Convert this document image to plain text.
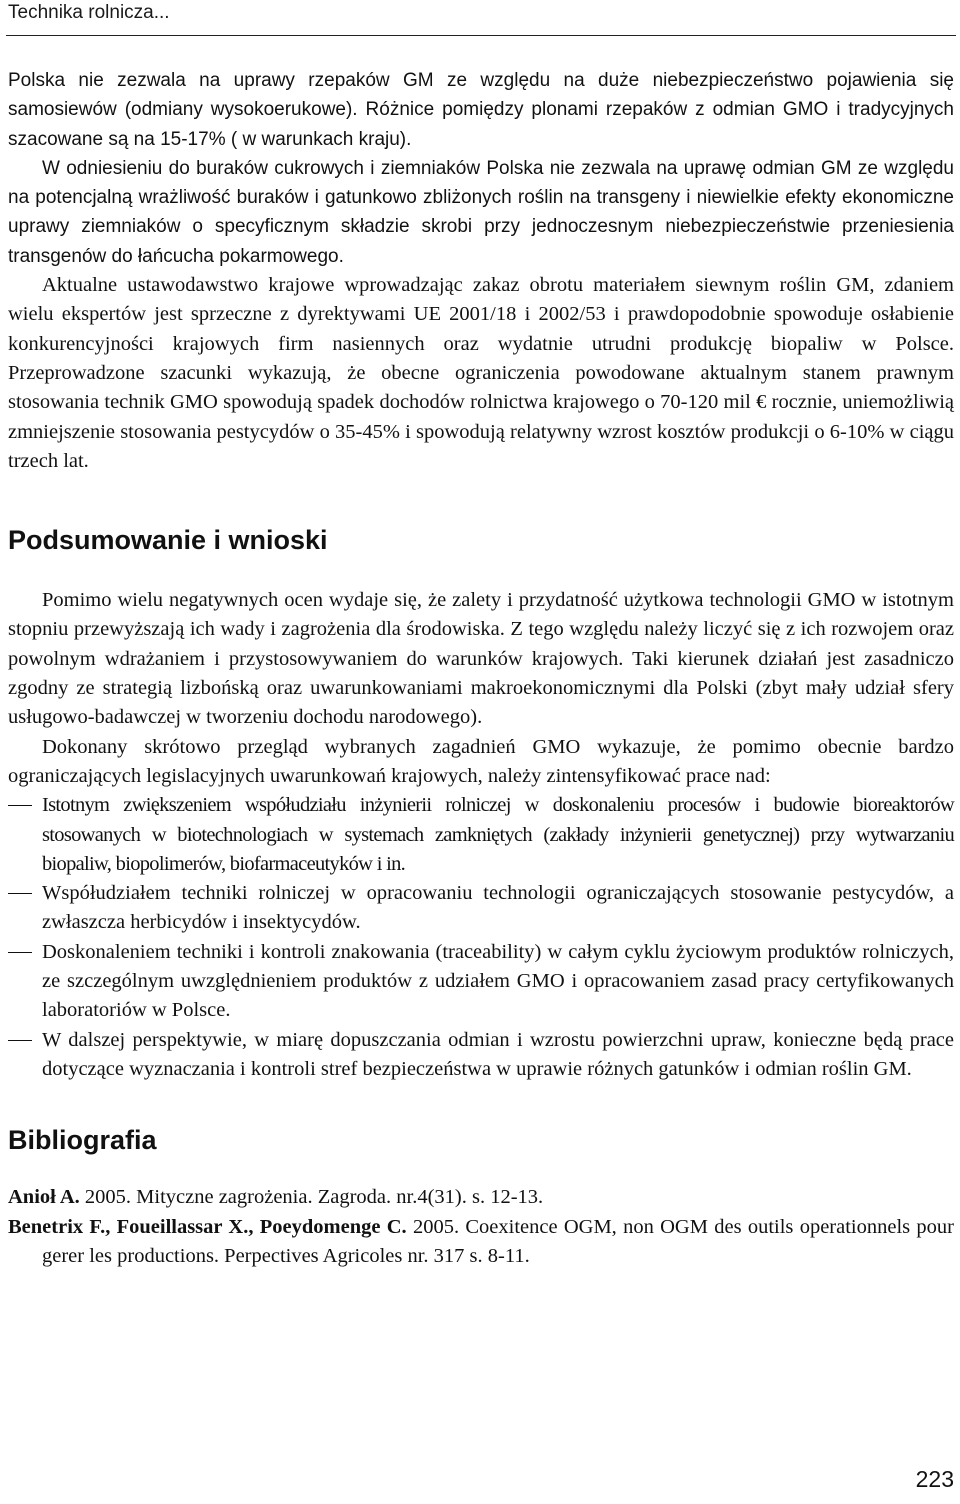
Technika rolnicza...

Polska nie zezwala na uprawy rzepaków GM ze względu na duże niebezpieczeństwo pojawienia się samosiewów (odmiany wysokoerukowe). Różnice pomiędzy plonami rzepaków z odmian GMO i tradycyjnych szacowane są na 15-17% ( w warunkach kraju).

W odniesieniu do buraków cukrowych i ziemniaków Polska nie zezwala na uprawę odmian GM ze względu na potencjalną wrażliwość buraków i gatunkowo zbliżonych roślin na transgeny i niewielkie efekty ekonomiczne uprawy ziemniaków o specyficznym składzie skrobi przy jednoczesnym niebezpieczeństwie przeniesienia transgenów do łańcucha pokarmowego.

Aktualne ustawodawstwo krajowe wprowadzając zakaz obrotu materiałem siewnym roślin GM, zdaniem wielu ekspertów jest sprzeczne z dyrektywami UE 2001/18 i 2002/53 i prawdopodobnie spowoduje osłabienie konkurencyjności krajowych firm nasiennych oraz wydatnie utrudni produkcję biopaliw w Polsce. Przeprowadzone szacunki wykazują, że obecne ograniczenia powodowane aktualnym stanem prawnym stosowania technik GMO spowodują spadek dochodów rolnictwa krajowego o 70-120 mil € rocznie, uniemożliwią zmniejszenie stosowania pestycydów o 35-45% i spowodują relatywny wzrost kosztów produkcji o 6-10% w ciągu trzech lat.

Podsumowanie i wnioski

Pomimo wielu negatywnych ocen wydaje się, że zalety i przydatność użytkowa technologii GMO w istotnym stopniu przewyższają ich wady i zagrożenia dla środowiska. Z tego względu należy liczyć się z ich rozwojem oraz powolnym wdrażaniem i przystosowywaniem do warunków krajowych. Taki kierunek działań jest zasadniczo zgodny ze strategią lizbońską oraz uwarunkowaniami makroekonomicznymi dla Polski (zbyt mały udział sfery usługowo-badawczej w tworzeniu dochodu narodowego).

Dokonany skrótowo przegląd wybranych zagadnień GMO wykazuje, że pomimo obecnie bardzo ograniczających legislacyjnych uwarunkowań krajowych, należy zintensyfikować prace nad:

Istotnym zwiększeniem współudziału inżynierii rolniczej w doskonaleniu procesów i budowie bioreaktorów stosowanych w biotechnologiach w systemach zamkniętych (zakłady inżynierii genetycznej) przy wytwarzaniu biopaliw, biopolimerów, biofarmaceutyków i in.
Współudziałem techniki rolniczej w opracowaniu technologii ograniczających stosowanie pestycydów, a zwłaszcza herbicydów i insektycydów.
Doskonaleniem techniki i kontroli znakowania (traceability) w całym cyklu życiowym produktów rolniczych, ze szczególnym uwzględnieniem produktów z udziałem GMO i opracowaniem zasad pracy certyfikowanych laboratoriów w Polsce.
W dalszej perspektywie, w miarę dopuszczania odmian i wzrostu powierzchni upraw, konieczne będą prace dotyczące wyznaczania i kontroli stref bezpieczeństwa w uprawie różnych gatunków i odmian roślin GM.
Bibliografia

Anioł A. 2005. Mityczne zagrożenia. Zagroda. nr.4(31). s. 12-13.

Benetrix F., Foueillassar X., Poeydomenge C. 2005. Coexitence OGM, non OGM des outils operationnels pour gerer les productions. Perpectives Agricoles nr. 317 s. 8-11.

223
